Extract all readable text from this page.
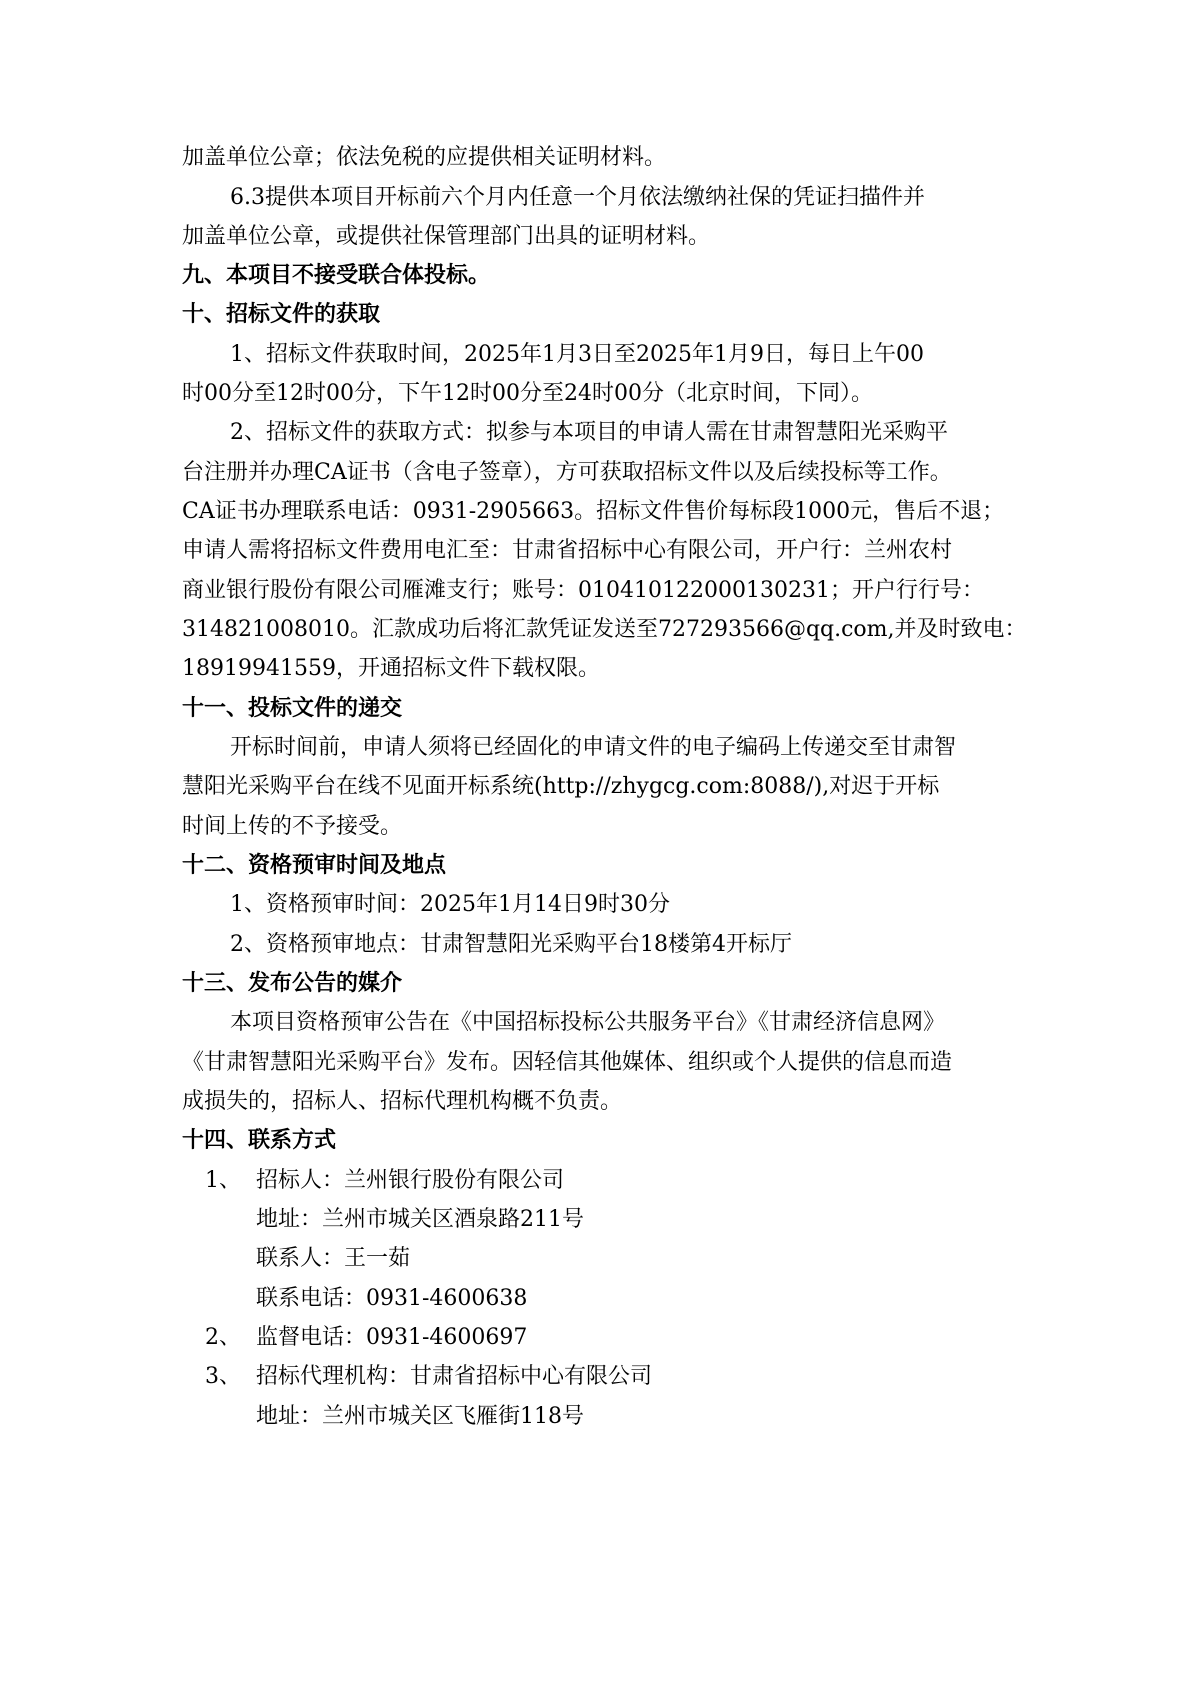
加盖单位公章；依法免税的应提供相关证明材料。
6.3提供本项目开标前六个月内任意一个月依法缴纳社保的凭证扫描件并
加盖单位公章，或提供社保管理部门出具的证明材料。
九、本项目不接受联合体投标。
十、招标文件的获取
1、招标文件获取时间，2025年1月3日至2025年1月9日，每日上午00
时00分至12时00分，下午12时00分至24时00分（北京时间，下同）。
2、招标文件的获取方式：拟参与本项目的申请人需在甘肃智慧阳光采购平
台注册并办理CA证书（含电子签章），方可获取招标文件以及后续投标等工作。
CA证书办理联系电话：0931-2905663。招标文件售价每标段1000元，售后不退；
申请人需将招标文件费用电汇至：甘肃省招标中心有限公司，开户行：兰州农村
商业银行股份有限公司雁滩支行；账号：010410122000130231；开户行行号：
314821008010。汇款成功后将汇款凭证发送至727293566@qq.com,并及时致电：
18919941559，开通招标文件下载权限。
十一、投标文件的递交
开标时间前，申请人须将已经固化的申请文件的电子编码上传递交至甘肃智
慧阳光采购平台在线不见面开标系统(http://zhygcg.com:8088/),对迟于开标
时间上传的不予接受。
十二、资格预审时间及地点
1、资格预审时间：2025年1月14日9时30分
2、资格预审地点：甘肃智慧阳光采购平台18楼第4开标厅
十三、发布公告的媒介
本项目资格预审公告在《中国招标投标公共服务平台》《甘肃经济信息网》
《甘肃智慧阳光采购平台》发布。因轻信其他媒体、组织或个人提供的信息而造
成损失的，招标人、招标代理机构概不负责。
十四、联系方式
1、 招标人：兰州银行股份有限公司
地址：兰州市城关区酒泉路211号
联系人：王一茹
联系电话：0931-4600638
2、 监督电话：0931-4600697
3、 招标代理机构：甘肃省招标中心有限公司
地址：兰州市城关区飞雁街118号
